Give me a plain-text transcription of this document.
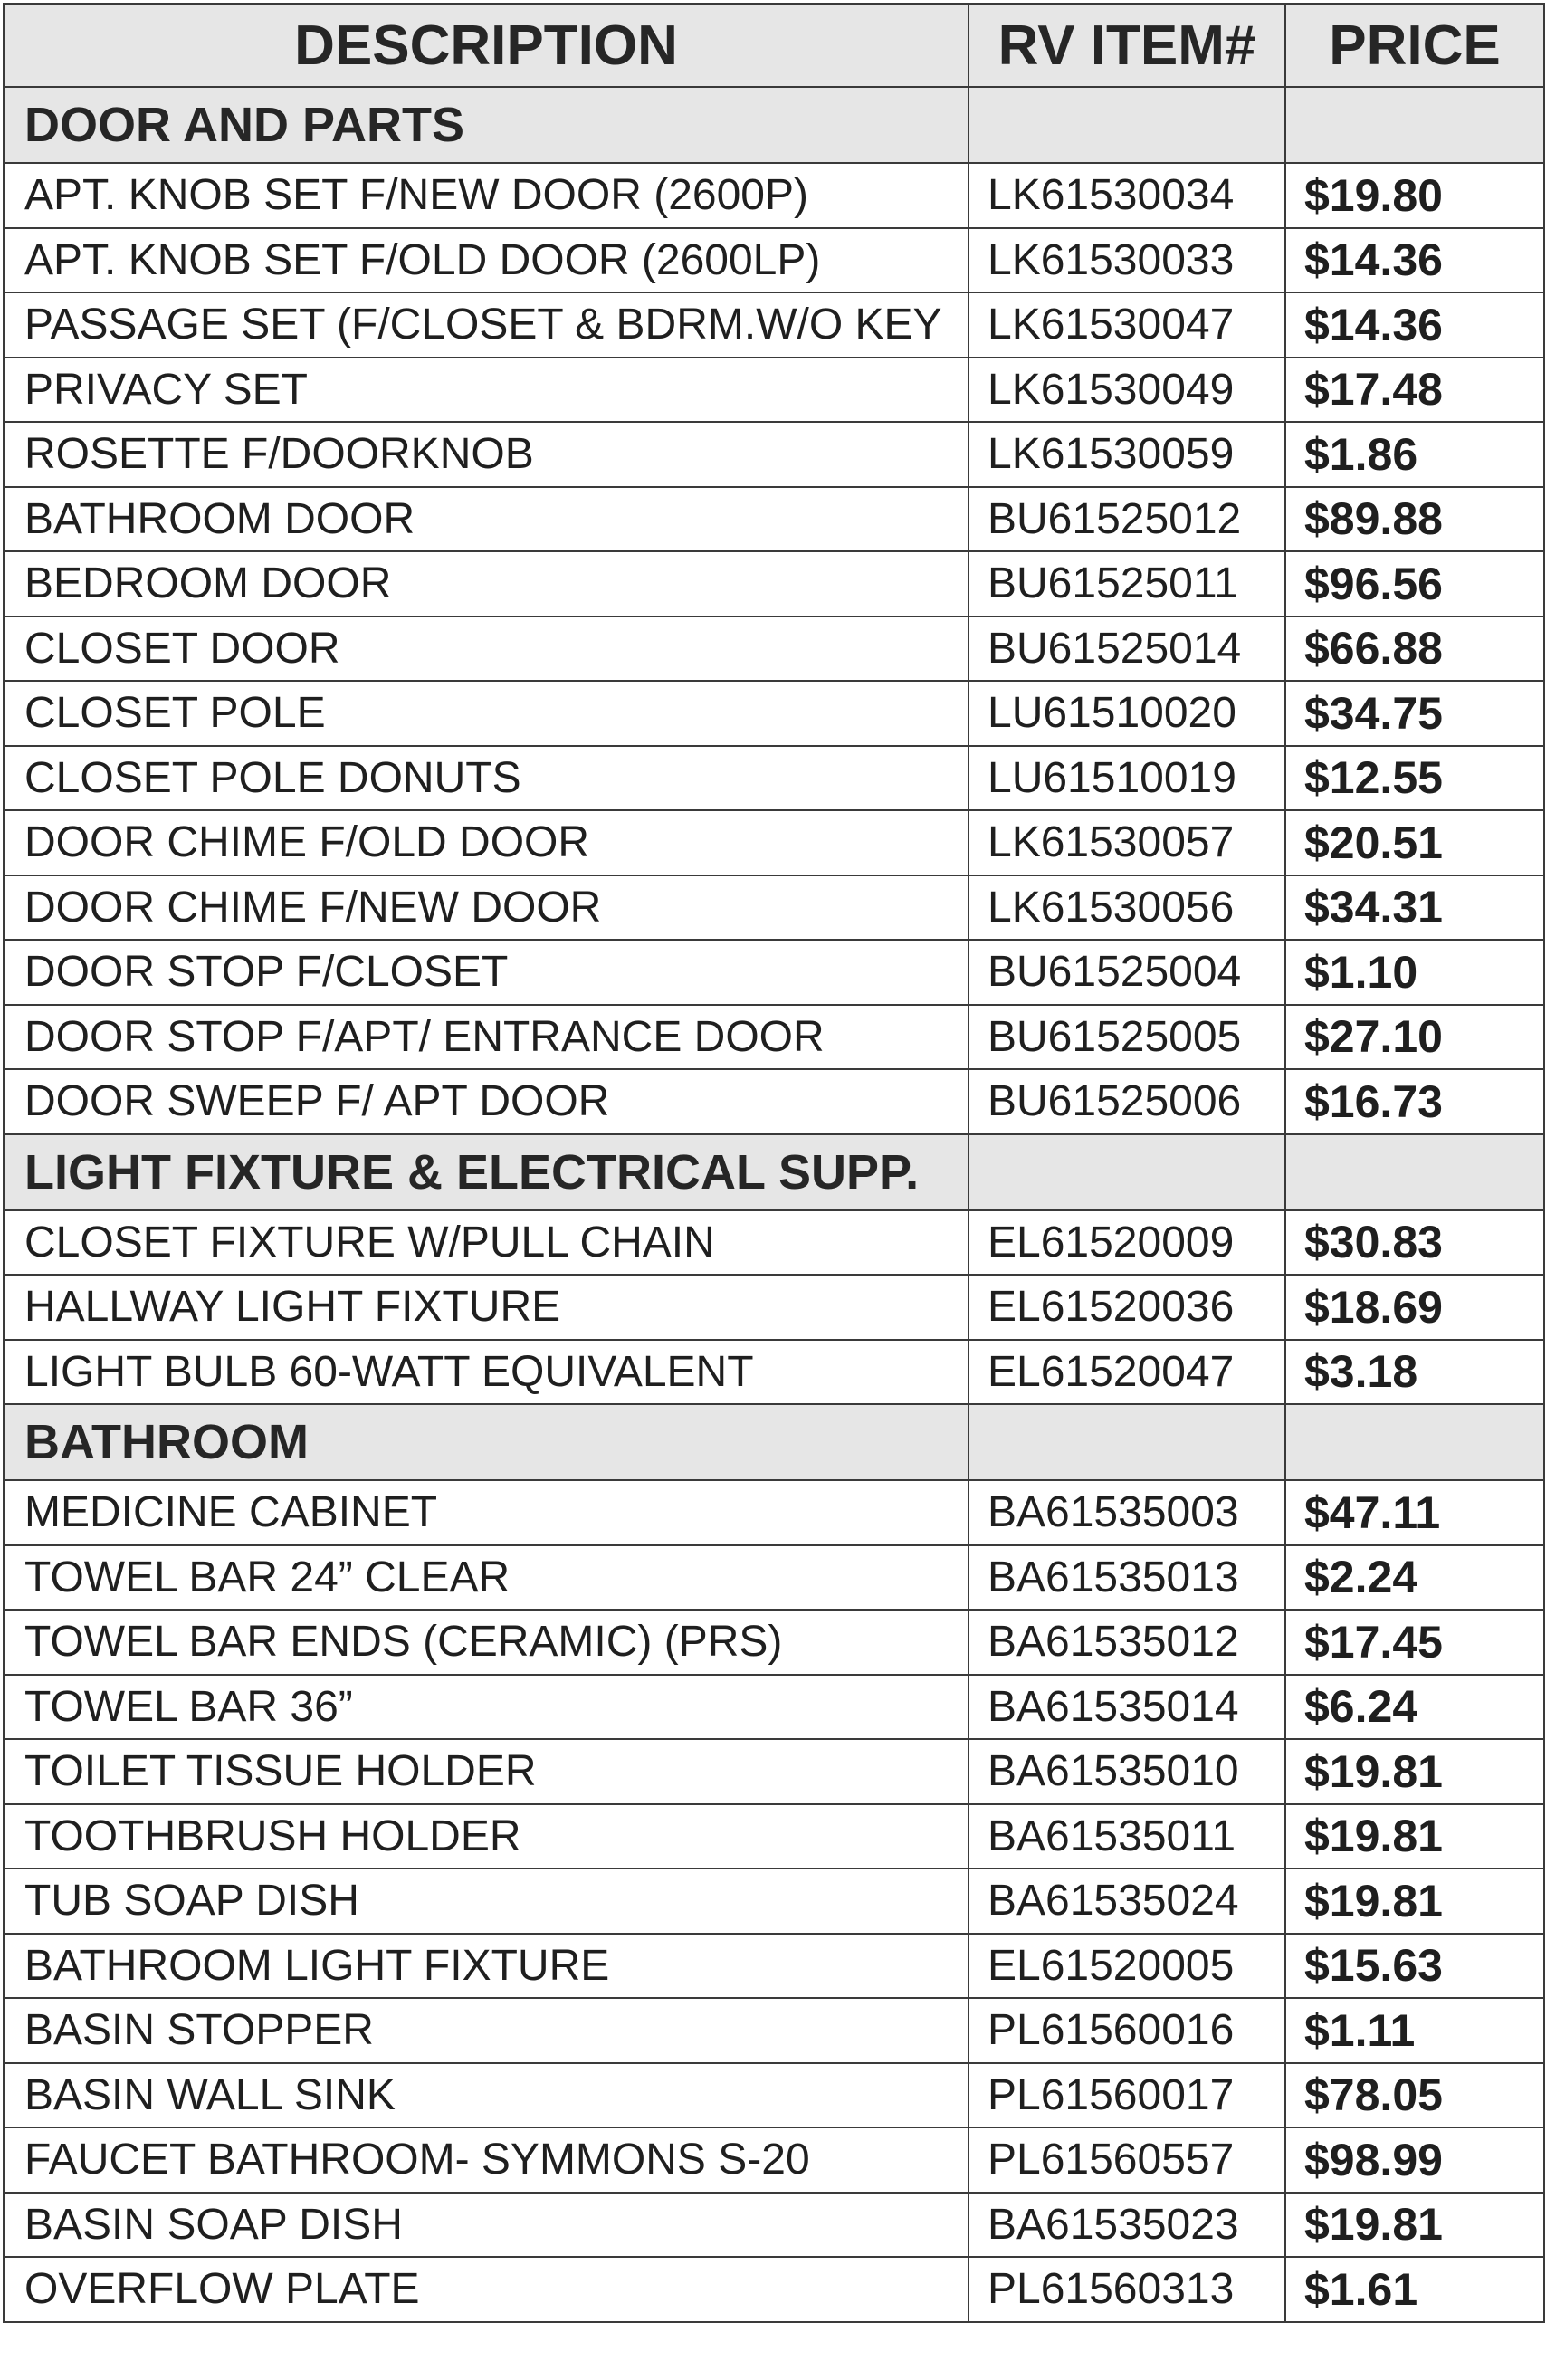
DESCRIPTION	RV ITEM#	PRICE
DOOR AND PARTS		
APT. KNOB SET F/NEW DOOR (2600P)	LK61530034	$19.80
APT. KNOB SET F/OLD DOOR (2600LP)	LK61530033	$14.36
PASSAGE SET (F/CLOSET & BDRM.W/O KEY	LK61530047	$14.36
PRIVACY SET	LK61530049	$17.48
ROSETTE F/DOORKNOB	LK61530059	$1.86
BATHROOM DOOR	BU61525012	$89.88
BEDROOM DOOR	BU61525011	$96.56
CLOSET DOOR	BU61525014	$66.88
CLOSET POLE	LU61510020	$34.75
CLOSET POLE DONUTS	LU61510019	$12.55
DOOR CHIME F/OLD DOOR	LK61530057	$20.51
DOOR CHIME F/NEW DOOR	LK61530056	$34.31
DOOR STOP F/CLOSET	BU61525004	$1.10
DOOR STOP F/APT/ ENTRANCE DOOR	BU61525005	$27.10
DOOR SWEEP F/ APT DOOR	BU61525006	$16.73
LIGHT FIXTURE & ELECTRICAL SUPP.		
CLOSET FIXTURE W/PULL CHAIN	EL61520009	$30.83
HALLWAY LIGHT FIXTURE	EL61520036	$18.69
LIGHT BULB 60-WATT EQUIVALENT	EL61520047	$3.18
BATHROOM		
MEDICINE CABINET	BA61535003	$47.11
TOWEL BAR 24” CLEAR	BA61535013	$2.24
TOWEL BAR ENDS (CERAMIC) (PRS)	BA61535012	$17.45
TOWEL BAR 36”	BA61535014	$6.24
TOILET TISSUE HOLDER	BA61535010	$19.81
TOOTHBRUSH HOLDER	BA61535011	$19.81
TUB SOAP DISH	BA61535024	$19.81
BATHROOM LIGHT FIXTURE	EL61520005	$15.63
BASIN STOPPER	PL61560016	$1.11
BASIN WALL SINK	PL61560017	$78.05
FAUCET BATHROOM- SYMMONS S-20	PL61560557	$98.99
BASIN SOAP DISH	BA61535023	$19.81
OVERFLOW PLATE	PL61560313	$1.61
